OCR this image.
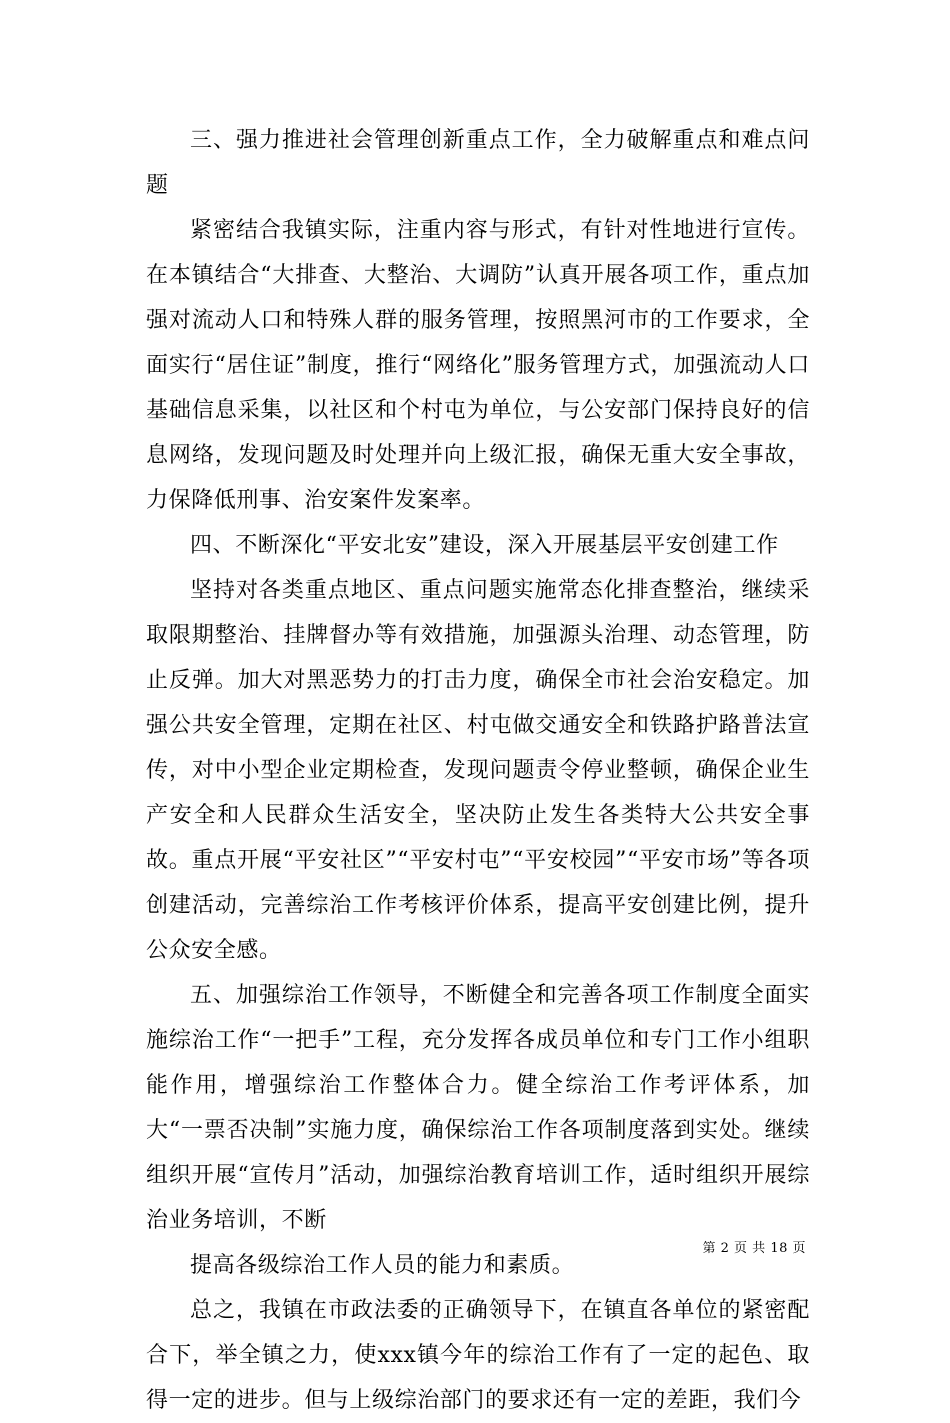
三、强力推进社会管理创新重点工作，全力破解重点和难点问题

紧密结合我镇实际，注重内容与形式，有针对性地进行宣传。在本镇结合“大排查、大整治、大调防”认真开展各项工作，重点加强对流动人口和特殊人群的服务管理，按照黑河市的工作要求，全面实行“居住证”制度，推行“网络化”服务管理方式，加强流动人口基础信息采集，以社区和个村屯为单位，与公安部门保持良好的信息网络，发现问题及时处理并向上级汇报，确保无重大安全事故，力保降低刑事、治安案件发案率。

四、不断深化“平安北安”建设，深入开展基层平安创建工作

坚持对各类重点地区、重点问题实施常态化排查整治，继续采取限期整治、挂牌督办等有效措施，加强源头治理、动态管理，防止反弹。加大对黑恶势力的打击力度，确保全市社会治安稳定。加强公共安全管理，定期在社区、村屯做交通安全和铁路护路普法宣传，对中小型企业定期检查，发现问题责令停业整顿，确保企业生产安全和人民群众生活安全，坚决防止发生各类特大公共安全事故。重点开展“平安社区”“平安村屯”“平安校园”“平安市场”等各项创建活动，完善综治工作考核评价体系，提高平安创建比例，提升公众安全感。

五、加强综治工作领导，不断健全和完善各项工作制度全面实施综治工作“一把手”工程，充分发挥各成员单位和专门工作小组职能作用，增强综治工作整体合力。健全综治工作考评体系，加大“一票否决制”实施力度，确保综治工作各项制度落到实处。继续组织开展“宣传月”活动，加强综治教育培训工作，适时组织开展综治业务培训，不断

提高各级综治工作人员的能力和素质。

总之，我镇在市政法委的正确领导下，在镇直各单位的紧密配合下，举全镇之力，使xxx镇今年的综治工作有了一定的起色、取得一定的进步。但与上级综治部门的要求还有一定的差距，我们今

第 2 页 共 18 页
